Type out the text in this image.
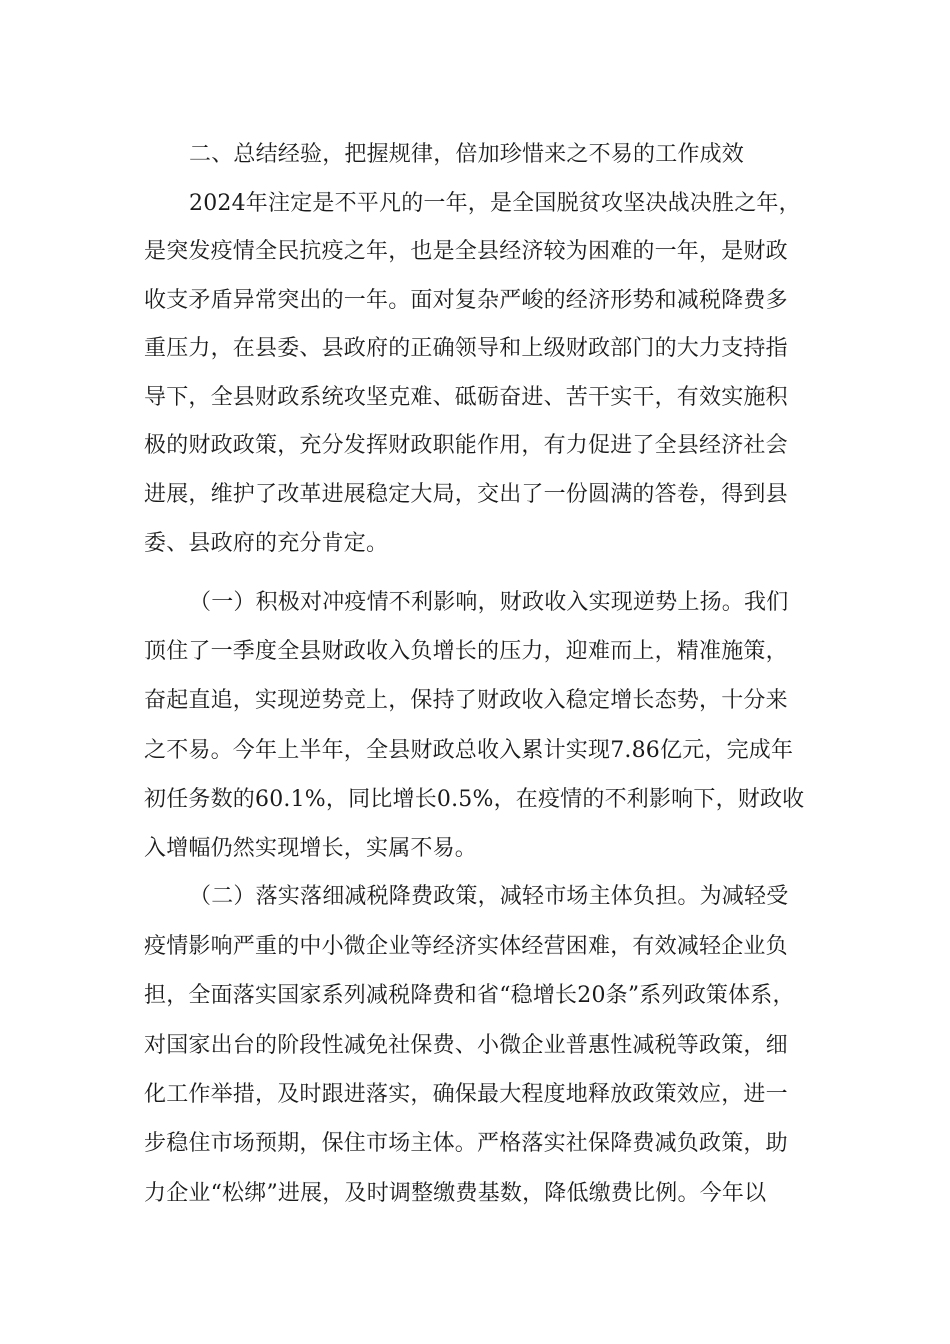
二、总结经验，把握规律，倍加珍惜来之不易的工作成效
2024年注定是不平凡的一年，是全国脱贫攻坚决战决胜之年，
是突发疫情全民抗疫之年，也是全县经济较为困难的一年，是财政
收支矛盾异常突出的一年。面对复杂严峻的经济形势和减税降费多
重压力，在县委、县政府的正确领导和上级财政部门的大力支持指
导下，全县财政系统攻坚克难、砥砺奋进、苦干实干，有效实施积
极的财政政策，充分发挥财政职能作用，有力促进了全县经济社会
进展，维护了改革进展稳定大局，交出了一份圆满的答卷，得到县
委、县政府的充分肯定。
（一）积极对冲疫情不利影响，财政收入实现逆势上扬。我们
顶住了一季度全县财政收入负增长的压力，迎难而上，精准施策，
奋起直追，实现逆势竞上，保持了财政收入稳定增长态势，十分来
之不易。今年上半年，全县财政总收入累计实现7.86亿元，完成年
初任务数的60.1%，同比增长0.5%，在疫情的不利影响下，财政收
入增幅仍然实现增长，实属不易。
（二）落实落细减税降费政策，减轻市场主体负担。为减轻受
疫情影响严重的中小微企业等经济实体经营困难，有效减轻企业负
担，全面落实国家系列减税降费和省“稳增长20条”系列政策体系，
对国家出台的阶段性减免社保费、小微企业普惠性减税等政策，细
化工作举措，及时跟进落实，确保最大程度地释放政策效应，进一
步稳住市场预期，保住市场主体。严格落实社保降费减负政策，助
力企业“松绑”进展，及时调整缴费基数，降低缴费比例。今年以
